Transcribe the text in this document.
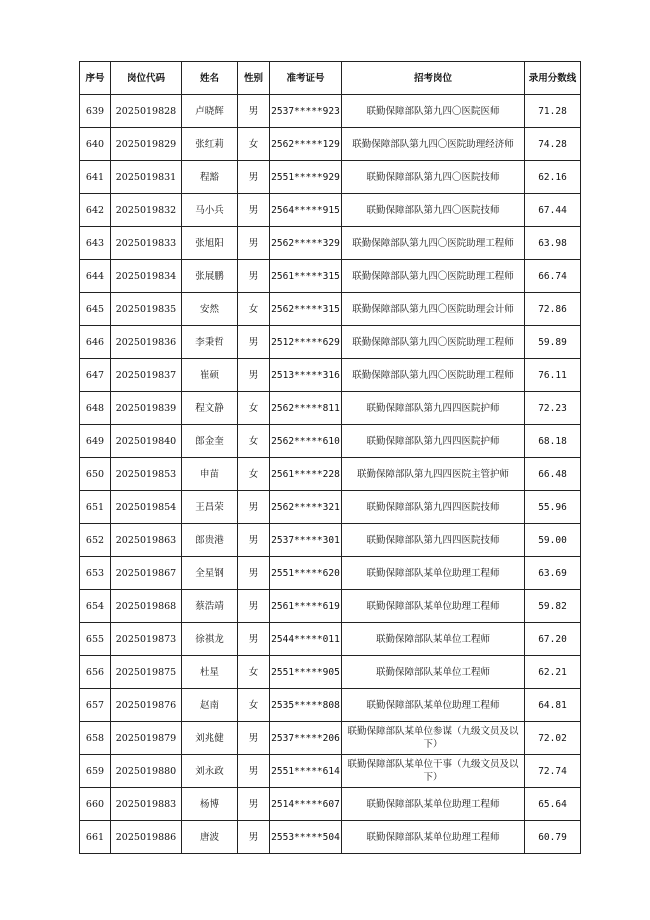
序号	岗位代码	姓名	性别	准考证号	招考岗位	录用分数线
639	2025019828	卢晓辉	男	2537*****923	联勤保障部队第九四〇医院医师	71.28
640	2025019829	张红莉	女	2562*****129	联勤保障部队第九四〇医院助理经济师	74.28
641	2025019831	程豁	男	2551*****929	联勤保障部队第九四〇医院技师	62.16
642	2025019832	马小兵	男	2564*****915	联勤保障部队第九四〇医院技师	67.44
643	2025019833	张旭阳	男	2562*****329	联勤保障部队第九四〇医院助理工程师	63.98
644	2025019834	张展鹏	男	2561*****315	联勤保障部队第九四〇医院助理工程师	66.74
645	2025019835	安然	女	2562*****315	联勤保障部队第九四〇医院助理会计师	72.86
646	2025019836	李秉哲	男	2512*****629	联勤保障部队第九四〇医院助理工程师	59.89
647	2025019837	崔硕	男	2513*****316	联勤保障部队第九四〇医院助理工程师	76.11
648	2025019839	程文静	女	2562*****811	联勤保障部队第九四四医院护师	72.23
649	2025019840	郎金奎	女	2562*****610	联勤保障部队第九四四医院护师	68.18
650	2025019853	申苗	女	2561*****228	联勤保障部队第九四四医院主管护师	66.48
651	2025019854	王昌荣	男	2562*****321	联勤保障部队第九四四医院技师	55.96
652	2025019863	郎贵港	男	2537*****301	联勤保障部队第九四四医院技师	59.00
653	2025019867	全星钢	男	2551*****620	联勤保障部队某单位助理工程师	63.69
654	2025019868	蔡浩靖	男	2561*****619	联勤保障部队某单位助理工程师	59.82
655	2025019873	徐祺龙	男	2544*****011	联勤保障部队某单位工程师	67.20
656	2025019875	杜星	女	2551*****905	联勤保障部队某单位工程师	62.21
657	2025019876	赵南	女	2535*****808	联勤保障部队某单位助理工程师	64.81
658	2025019879	刘兆健	男	2537*****206	联勤保障部队某单位参谋（九级文员及以下）	72.02
659	2025019880	刘永政	男	2551*****614	联勤保障部队某单位干事（九级文员及以下）	72.74
660	2025019883	杨博	男	2514*****607	联勤保障部队某单位助理工程师	65.64
661	2025019886	唐波	男	2553*****504	联勤保障部队某单位助理工程师	60.79
